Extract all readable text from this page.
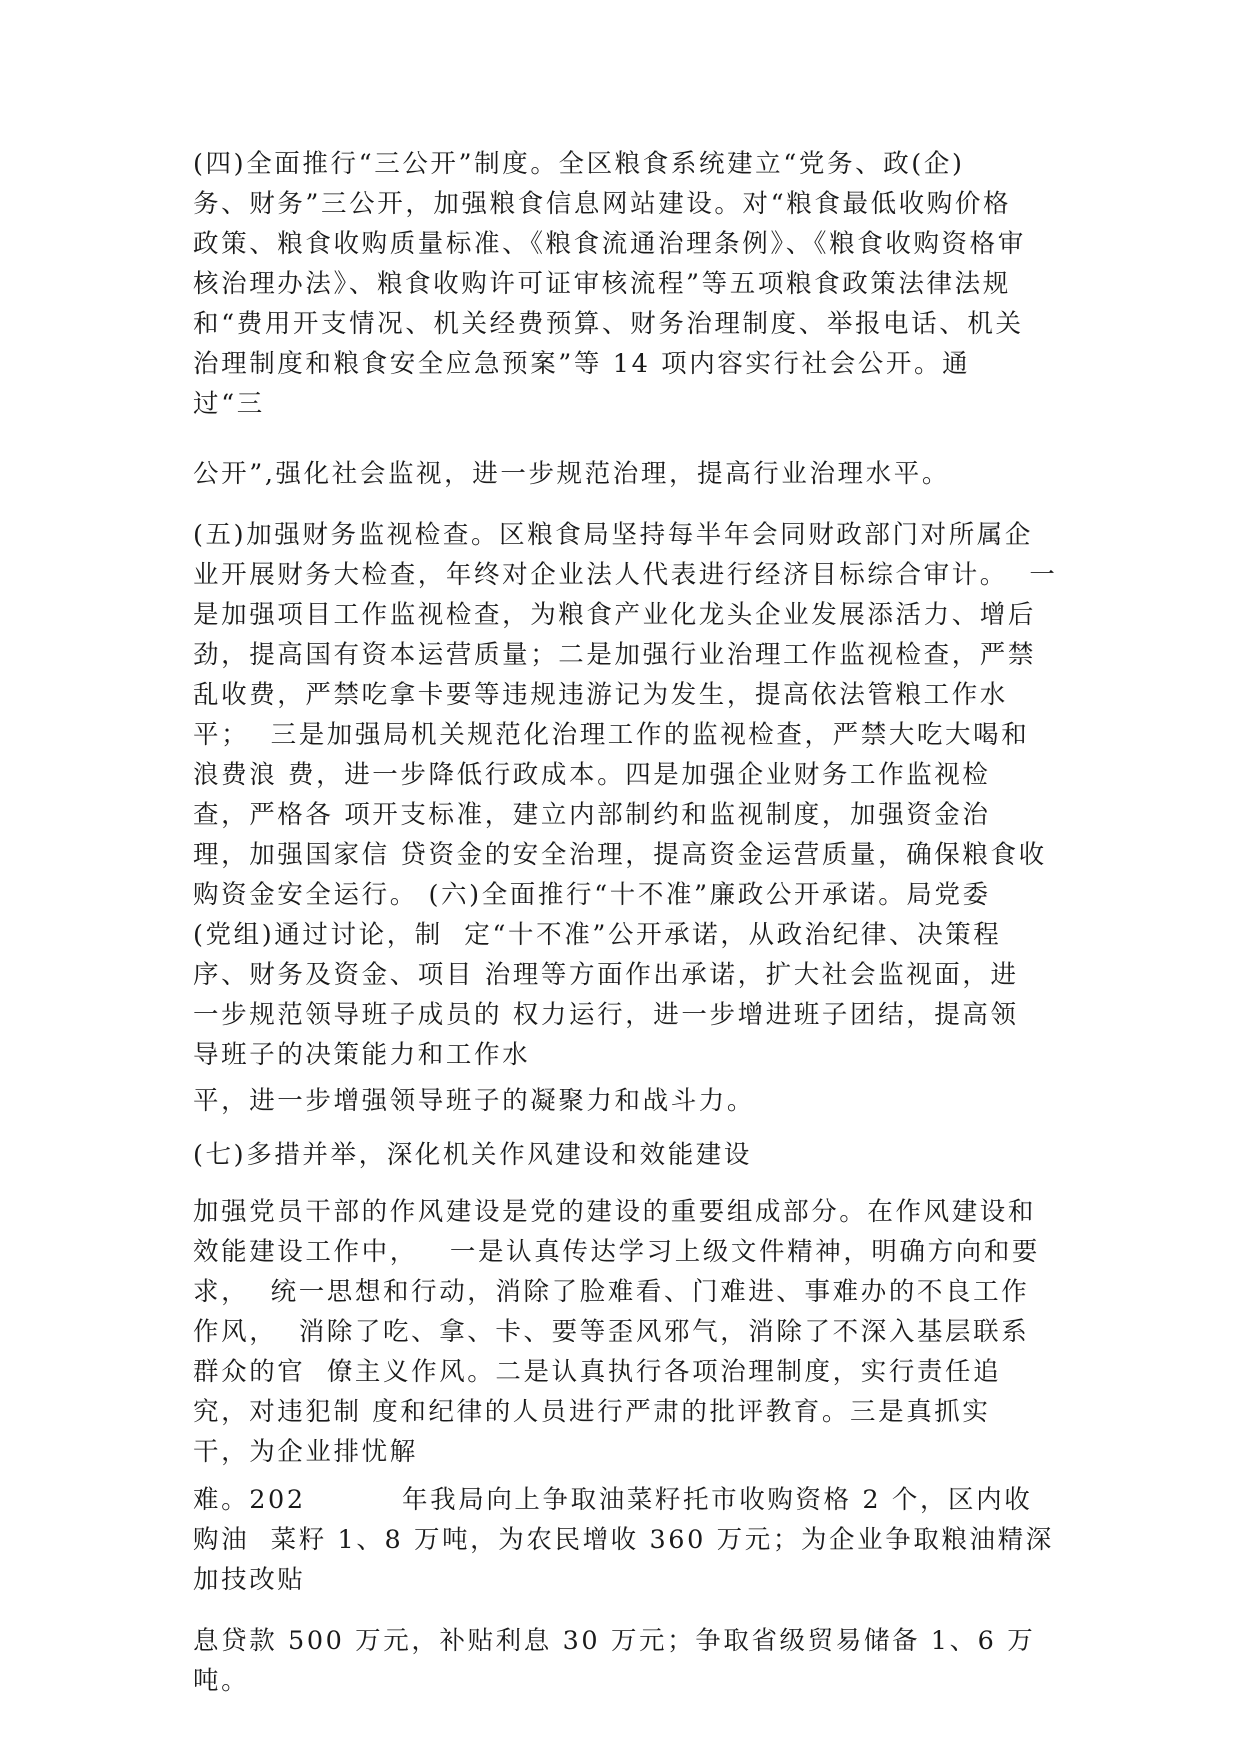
(四)全面推行“三公开”制度。全区粮食系统建立“党务、政(企)
务、财务”三公开，加强粮食信息网站建设。对“粮食最低收购价格
政策、粮食收购质量标准、《粮食流通治理条例》、《粮食收购资格审
核治理办法》、粮食收购许可证审核流程”等五项粮食政策法律法规
和“费用开支情况、机关经费预算、财务治理制度、举报电话、机关
治理制度和粮食安全应急预案”等 14 项内容实行社会公开。通
过“三
公开”,强化社会监视，进一步规范治理，提高行业治理水平。
(五)加强财务监视检查。区粮食局坚持每半年会同财政部门对所属企
业开展财务大检查，年终对企业法人代表进行经济目标综合审计。  一
是加强项目工作监视检查，为粮食产业化龙头企业发展添活力、增后
劲，提高国有资本运营质量；二是加强行业治理工作监视检查，严禁
乱收费，严禁吃拿卡要等违规违游记为发生，提高依法管粮工作水
平；  三是加强局机关规范化治理工作的监视检查，严禁大吃大喝和
浪费浪 费，进一步降低行政成本。四是加强企业财务工作监视检
查，严格各 项开支标准，建立内部制约和监视制度，加强资金治
理，加强国家信 贷资金的安全治理，提高资金运营质量，确保粮食收
购资金安全运行。 (六)全面推行“十不准”廉政公开承诺。局党委
(党组)通过讨论，制  定“十不准”公开承诺，从政治纪律、决策程
序、财务及资金、项目 治理等方面作出承诺，扩大社会监视面，进
一步规范领导班子成员的 权力运行，进一步增进班子团结，提高领
导班子的决策能力和工作水
平，进一步增强领导班子的凝聚力和战斗力。
(七)多措并举，深化机关作风建设和效能建设
加强党员干部的作风建设是党的建设的重要组成部分。在作风建设和
效能建设工作中，   一是认真传达学习上级文件精神，明确方向和要
求，  统一思想和行动，消除了脸难看、门难进、事难办的不良工作
作风，  消除了吃、拿、卡、要等歪风邪气，消除了不深入基层联系
群众的官  僚主义作风。二是认真执行各项治理制度，实行责任追
究，对违犯制 度和纪律的人员进行严肃的批评教育。三是真抓实
干，为企业排忧解
难。202         年我局向上争取油菜籽托市收购资格 2 个，区内收
购油  菜籽 1、8 万吨，为农民增收 360 万元；为企业争取粮油精深
加技改贴
息贷款 500 万元，补贴利息 30 万元；争取省级贸易储备 1、6 万
吨。
